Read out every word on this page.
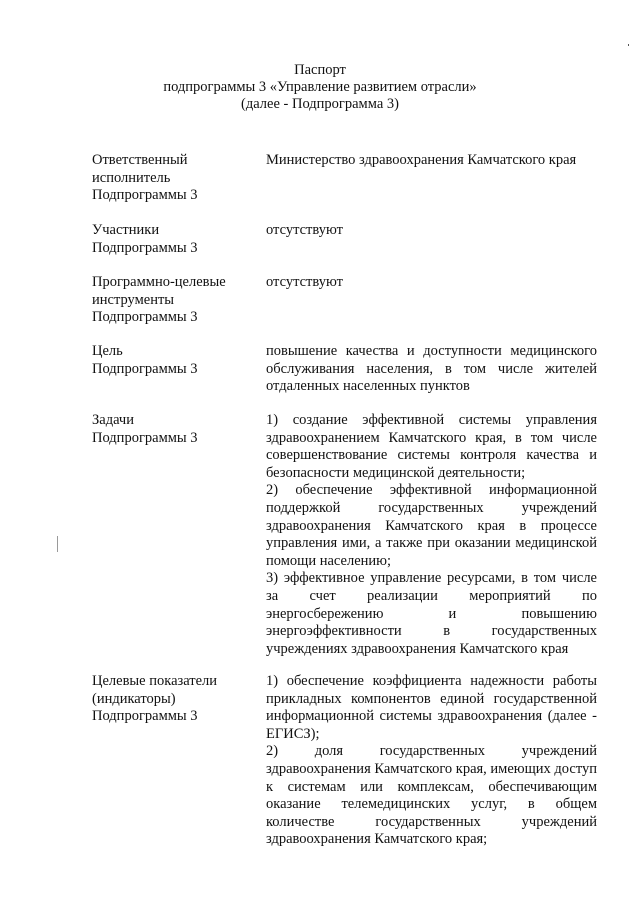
Паспорт
подпрограммы 3 «Управление развитием отрасли»
(далее - Подпрограмма 3)
Ответственный
исполнитель
Подпрограммы 3

Министерство здравоохранения Камчатского края

Участники
Подпрограммы 3

отсутствуют

Программно-целевые
инструменты
Подпрограммы 3

отсутствуют

Цель
Подпрограммы 3

повышение качества и доступности медицинского обслуживания населения, в том числе жителей отдаленных населенных пунктов

Задачи
Подпрограммы 3

1) создание эффективной системы управления здравоохранением Камчатского края, в том числе совершенствование системы контроля качества и безопасности медицинской деятельности;

2) обеспечение эффективной информационной поддержкой государственных учреждений здравоохранения Камчатского края в процессе управления ими, а также при оказании медицинской помощи населению;

3) эффективное управление ресурсами, в том числе за счет реализации мероприятий по энергосбережению и повышению энергоэффективности в государственных учреждениях здравоохранения Камчатского края

Целевые показатели
(индикаторы)
Подпрограммы 3

1) обеспечение коэффициента надежности работы прикладных компонентов единой государственной информационной системы здравоохранения (далее - ЕГИСЗ);

2) доля государственных учреждений здравоохранения Камчатского края, имеющих доступ к системам или комплексам, обеспечивающим оказание телемедицинских услуг, в общем количестве государственных учреждений здравоохранения Камчатского края;
